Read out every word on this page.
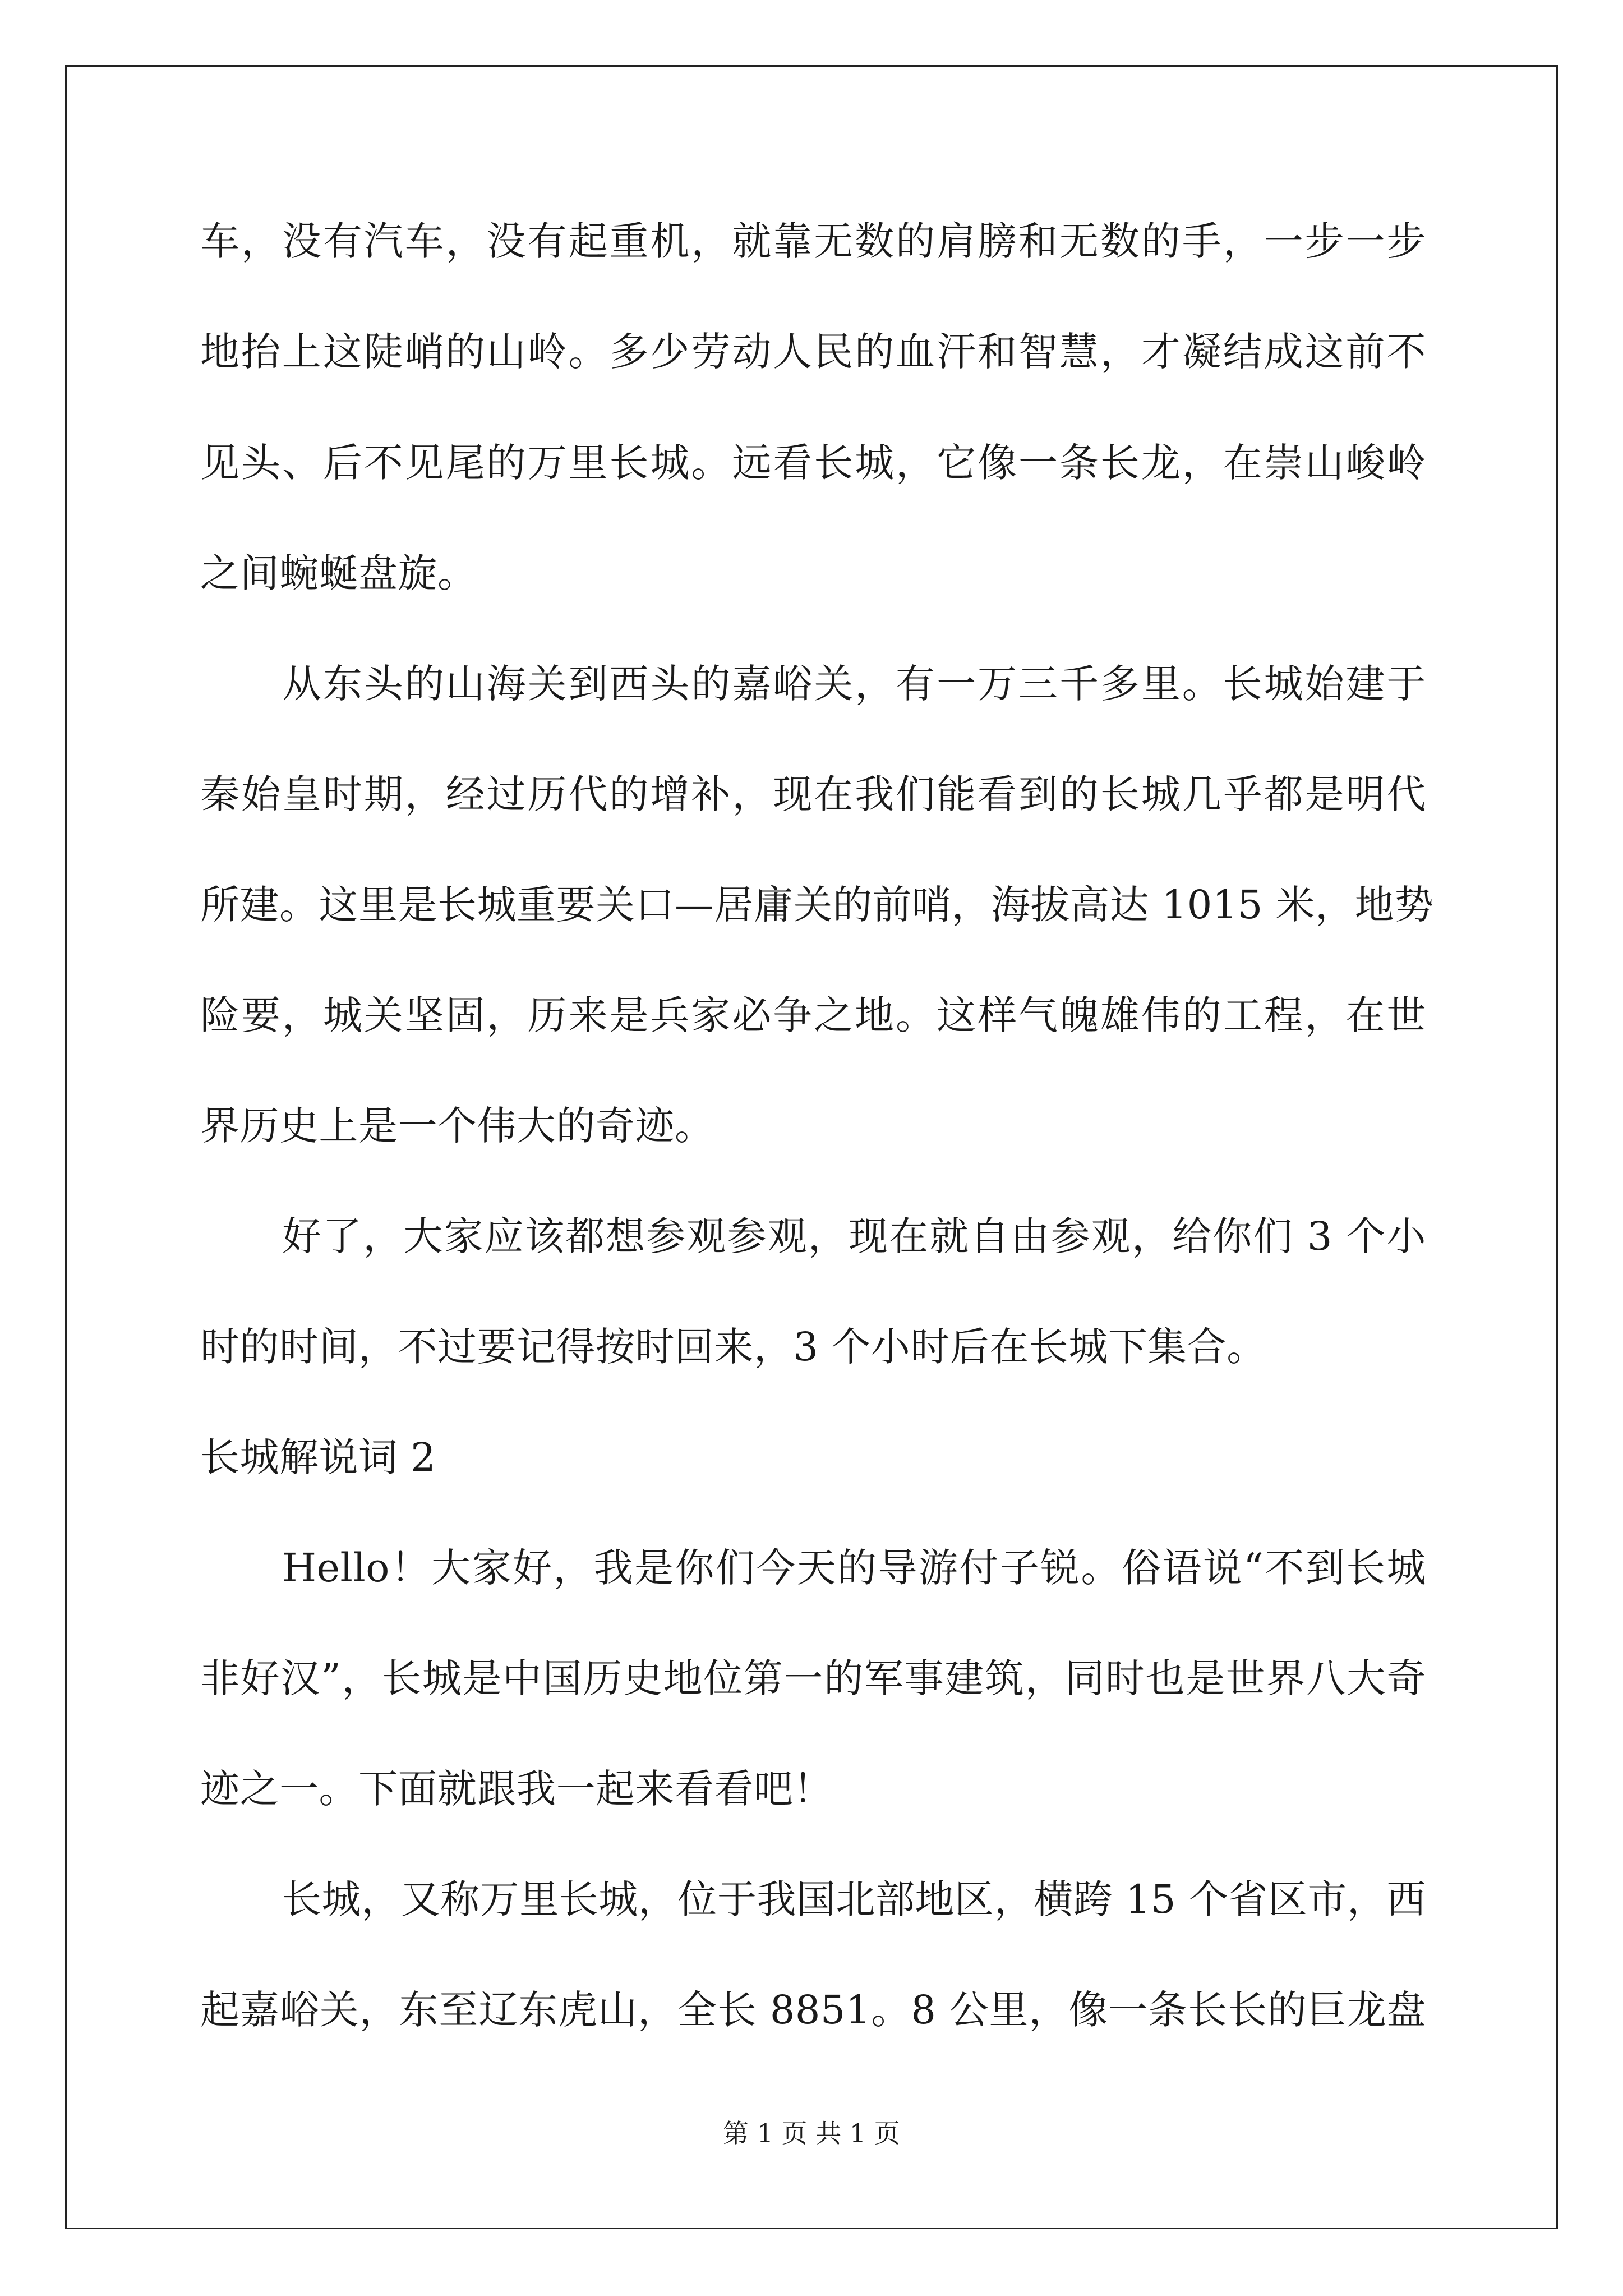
车，没有汽车，没有起重机，就靠无数的肩膀和无数的手，一步一步
地抬上这陡峭的山岭。多少劳动人民的血汗和智慧，才凝结成这前不
见头、后不见尾的万里长城。远看长城，它像一条长龙，在崇山峻岭
之间蜿蜒盘旋。
从东头的山海关到西头的嘉峪关，有一万三千多里。长城始建于
秦始皇时期，经过历代的增补，现在我们能看到的长城几乎都是明代
所建。这里是长城重要关口—居庸关的前哨，海拔高达 1015 米，地势
险要，城关坚固，历来是兵家必争之地。这样气魄雄伟的工程，在世
界历史上是一个伟大的奇迹。
好了，大家应该都想参观参观，现在就自由参观，给你们 3 个小
时的时间，不过要记得按时回来，3 个小时后在长城下集合。
长城解说词 2
Hello！大家好，我是你们今天的导游付子锐。俗语说“不到长城
非好汉”，长城是中国历史地位第一的军事建筑，同时也是世界八大奇
迹之一。下面就跟我一起来看看吧！
长城，又称万里长城，位于我国北部地区，横跨 15 个省区市，西
起嘉峪关，东至辽东虎山，全长 8851。8 公里，像一条长长的巨龙盘
第 1 页 共 1 页
